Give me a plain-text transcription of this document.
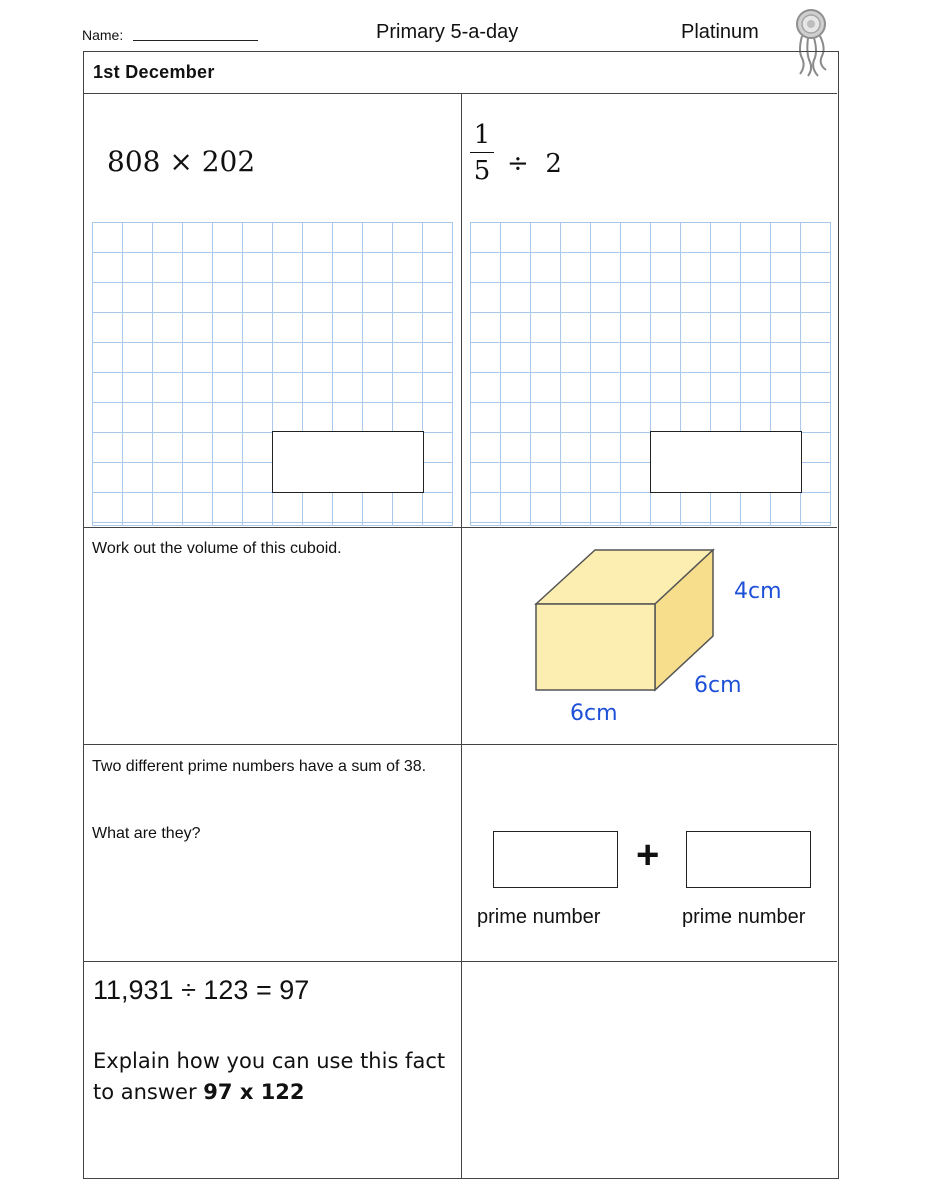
Name:	Primary 5-a-day	Platinum
1st December
808 × 202
1
5 ÷ 2
Work out the volume of this cuboid.
4cm
6cm
6cm
Two different prime numbers have a sum of 38.
What are they?	+
prime number	prime number
11,931 ÷ 123 = 97
Explain how you can use this fact to answer 97 x 122
